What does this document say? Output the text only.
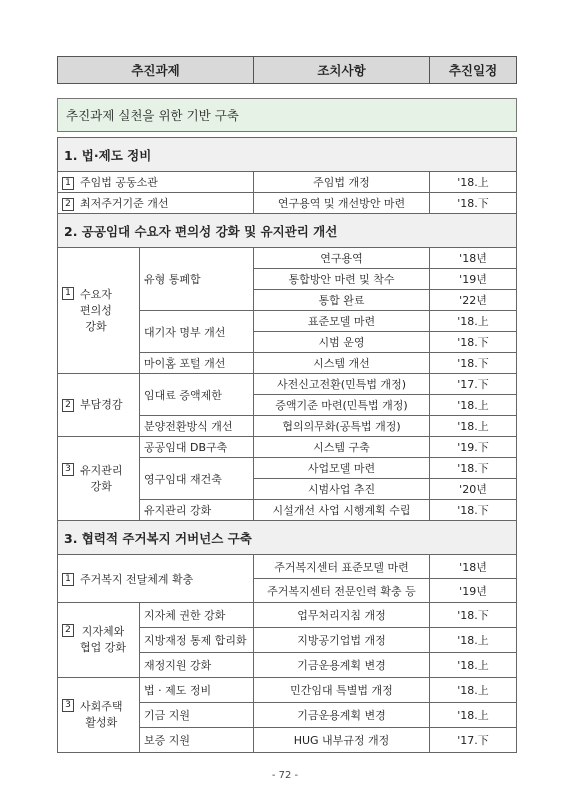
추진과제	조치사항	추진일정
추진과제 실천을 위한 기반 구축			

1. 법·제도 정비			
1 주임법 공동소관		주임법 개정	'18.上
2 최저주거기준 개선		연구용역 및 개선방안 마련	'18.下
2. 공공임대 수요자 편의성 강화 및 유지관리 개선			

1 수요자
편의성
강화	유형 통폐합	연구용역	'18년
		통합방안 마련 및 착수	'19년
		통합 완료	'22년
	대기자 명부 개선	표준모델 마련	'18.上
		시범 운영	'18.下
	마이홈 포털 개선	시스템 개선	'18.下

2 부담경감	임대료 증액제한	사전신고전환(민특법 개정)	'17.下
		증액기준 마련(민특법 개정)	'18.上
	분양전환방식 개선	협의의무화(공특법 개정)	'18.上

3 유지관리
강화	공공임대 DB구축	시스템 구축	'19.下
	영구임대 재건축	사업모델 마련	'18.下
		시범사업 추진	'20년
	유지관리 강화	시설개선 사업 시행계획 수립	'18.下
3. 협력적 주거복지 거버넌스 구축			
1 주거복지 전달체계 확충		주거복지센터 표준모델 마련	'18년
		주거복지센터 전문인력 확충 등	'19년

2 지자체와
협업 강화	지자체 권한 강화	업무처리지침 개정	'18.下
	지방재정 통제 합리화	지방공기업법 개정	'18.上
	재정지원 강화	기금운용계획 변경	'18.上

3 사회주택
활성화	법 · 제도 정비	민간임대 특별법 개정	'18.上
	기금 지원	기금운용계획 변경	'18.上
	보증 지원	HUG 내부규정 개정	'17.下
- 72 -
